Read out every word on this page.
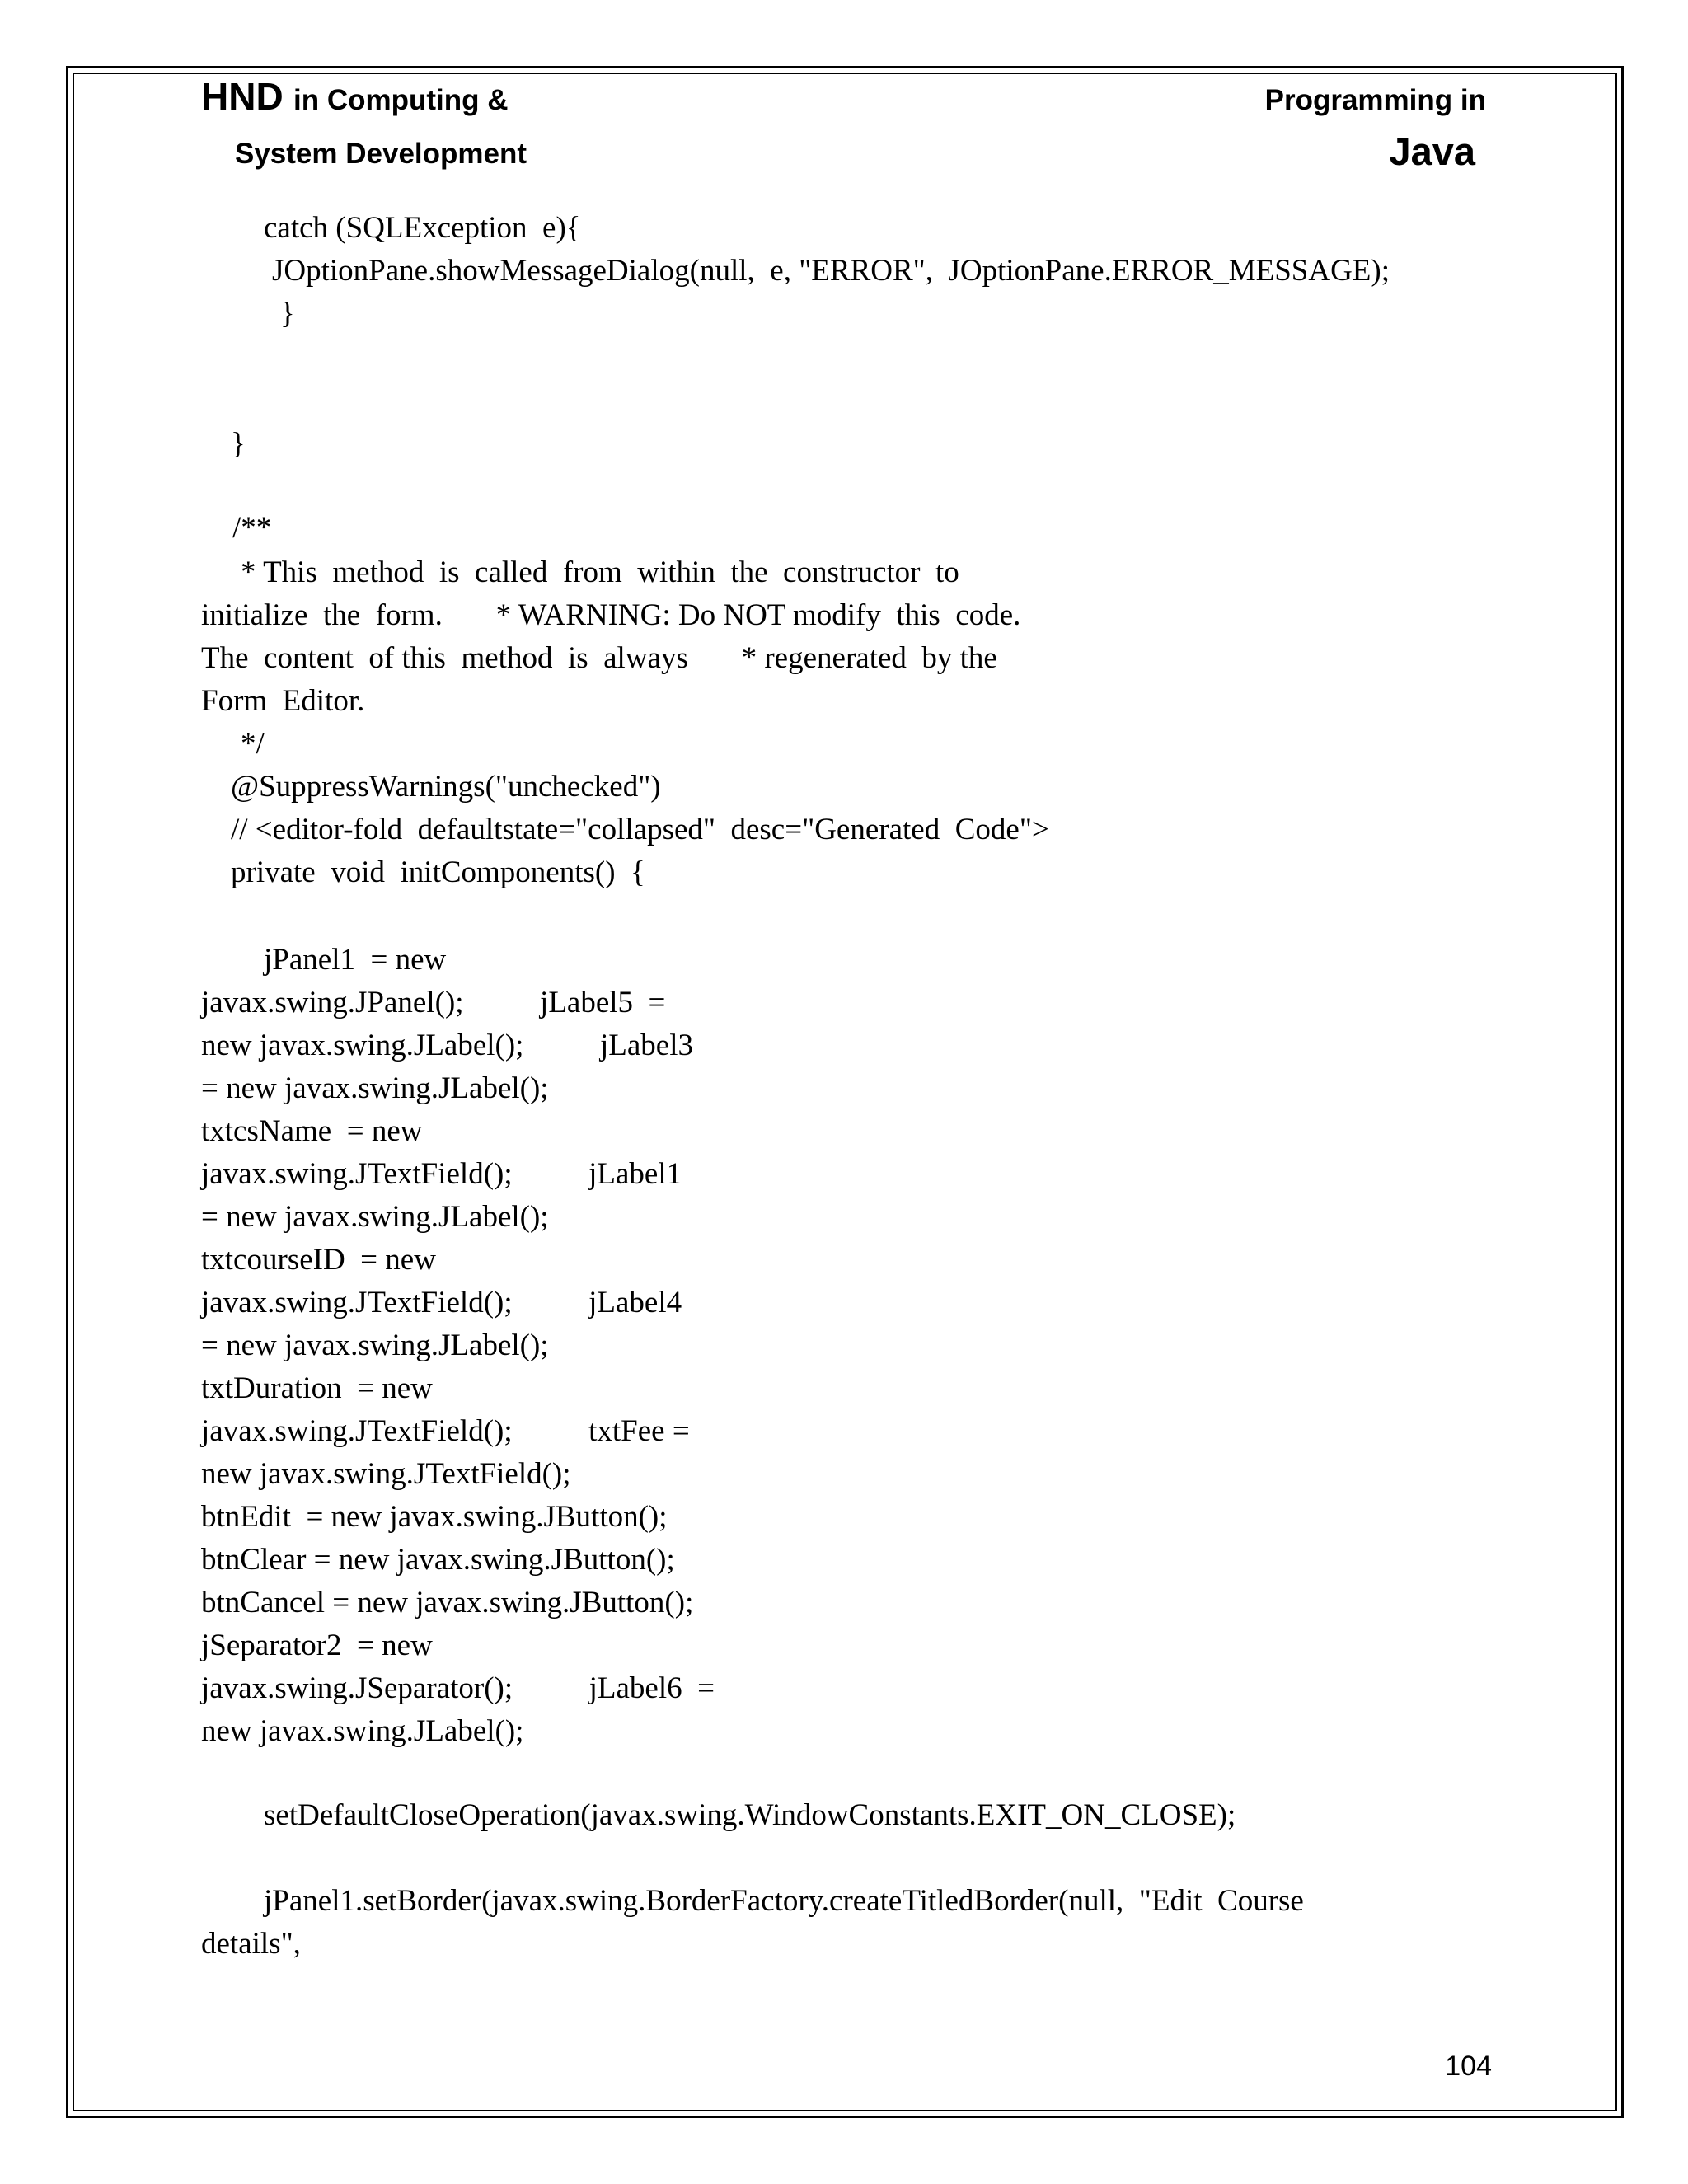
HND in Computing &
System Development
Programming in
Java
catch (SQLException  e){
JOptionPane.showMessageDialog(null,  e, "ERROR",  JOptionPane.ERROR_MESSAGE);
}
}
/**
* This  method  is  called  from  within  the  constructor  to
initialize  the  form.       * WARNING: Do NOT modify  this  code.
The  content  of this  method  is  always       * regenerated  by the
Form  Editor.
*/
@SuppressWarnings("unchecked")
// <editor-fold  defaultstate="collapsed"  desc="Generated  Code">
private  void  initComponents()  {
jPanel1  = new
javax.swing.JPanel();          jLabel5  =
new javax.swing.JLabel();          jLabel3
= new javax.swing.JLabel();
txtcsName  = new
javax.swing.JTextField();          jLabel1
= new javax.swing.JLabel();
txtcourseID  = new
javax.swing.JTextField();          jLabel4
= new javax.swing.JLabel();
txtDuration  = new
javax.swing.JTextField();          txtFee =
new javax.swing.JTextField();
btnEdit  = new javax.swing.JButton();
btnClear = new javax.swing.JButton();
btnCancel = new javax.swing.JButton();
jSeparator2  = new
javax.swing.JSeparator();          jLabel6  =
new javax.swing.JLabel();
setDefaultCloseOperation(javax.swing.WindowConstants.EXIT_ON_CLOSE);
jPanel1.setBorder(javax.swing.BorderFactory.createTitledBorder(null,  "Edit  Course
details",
104
